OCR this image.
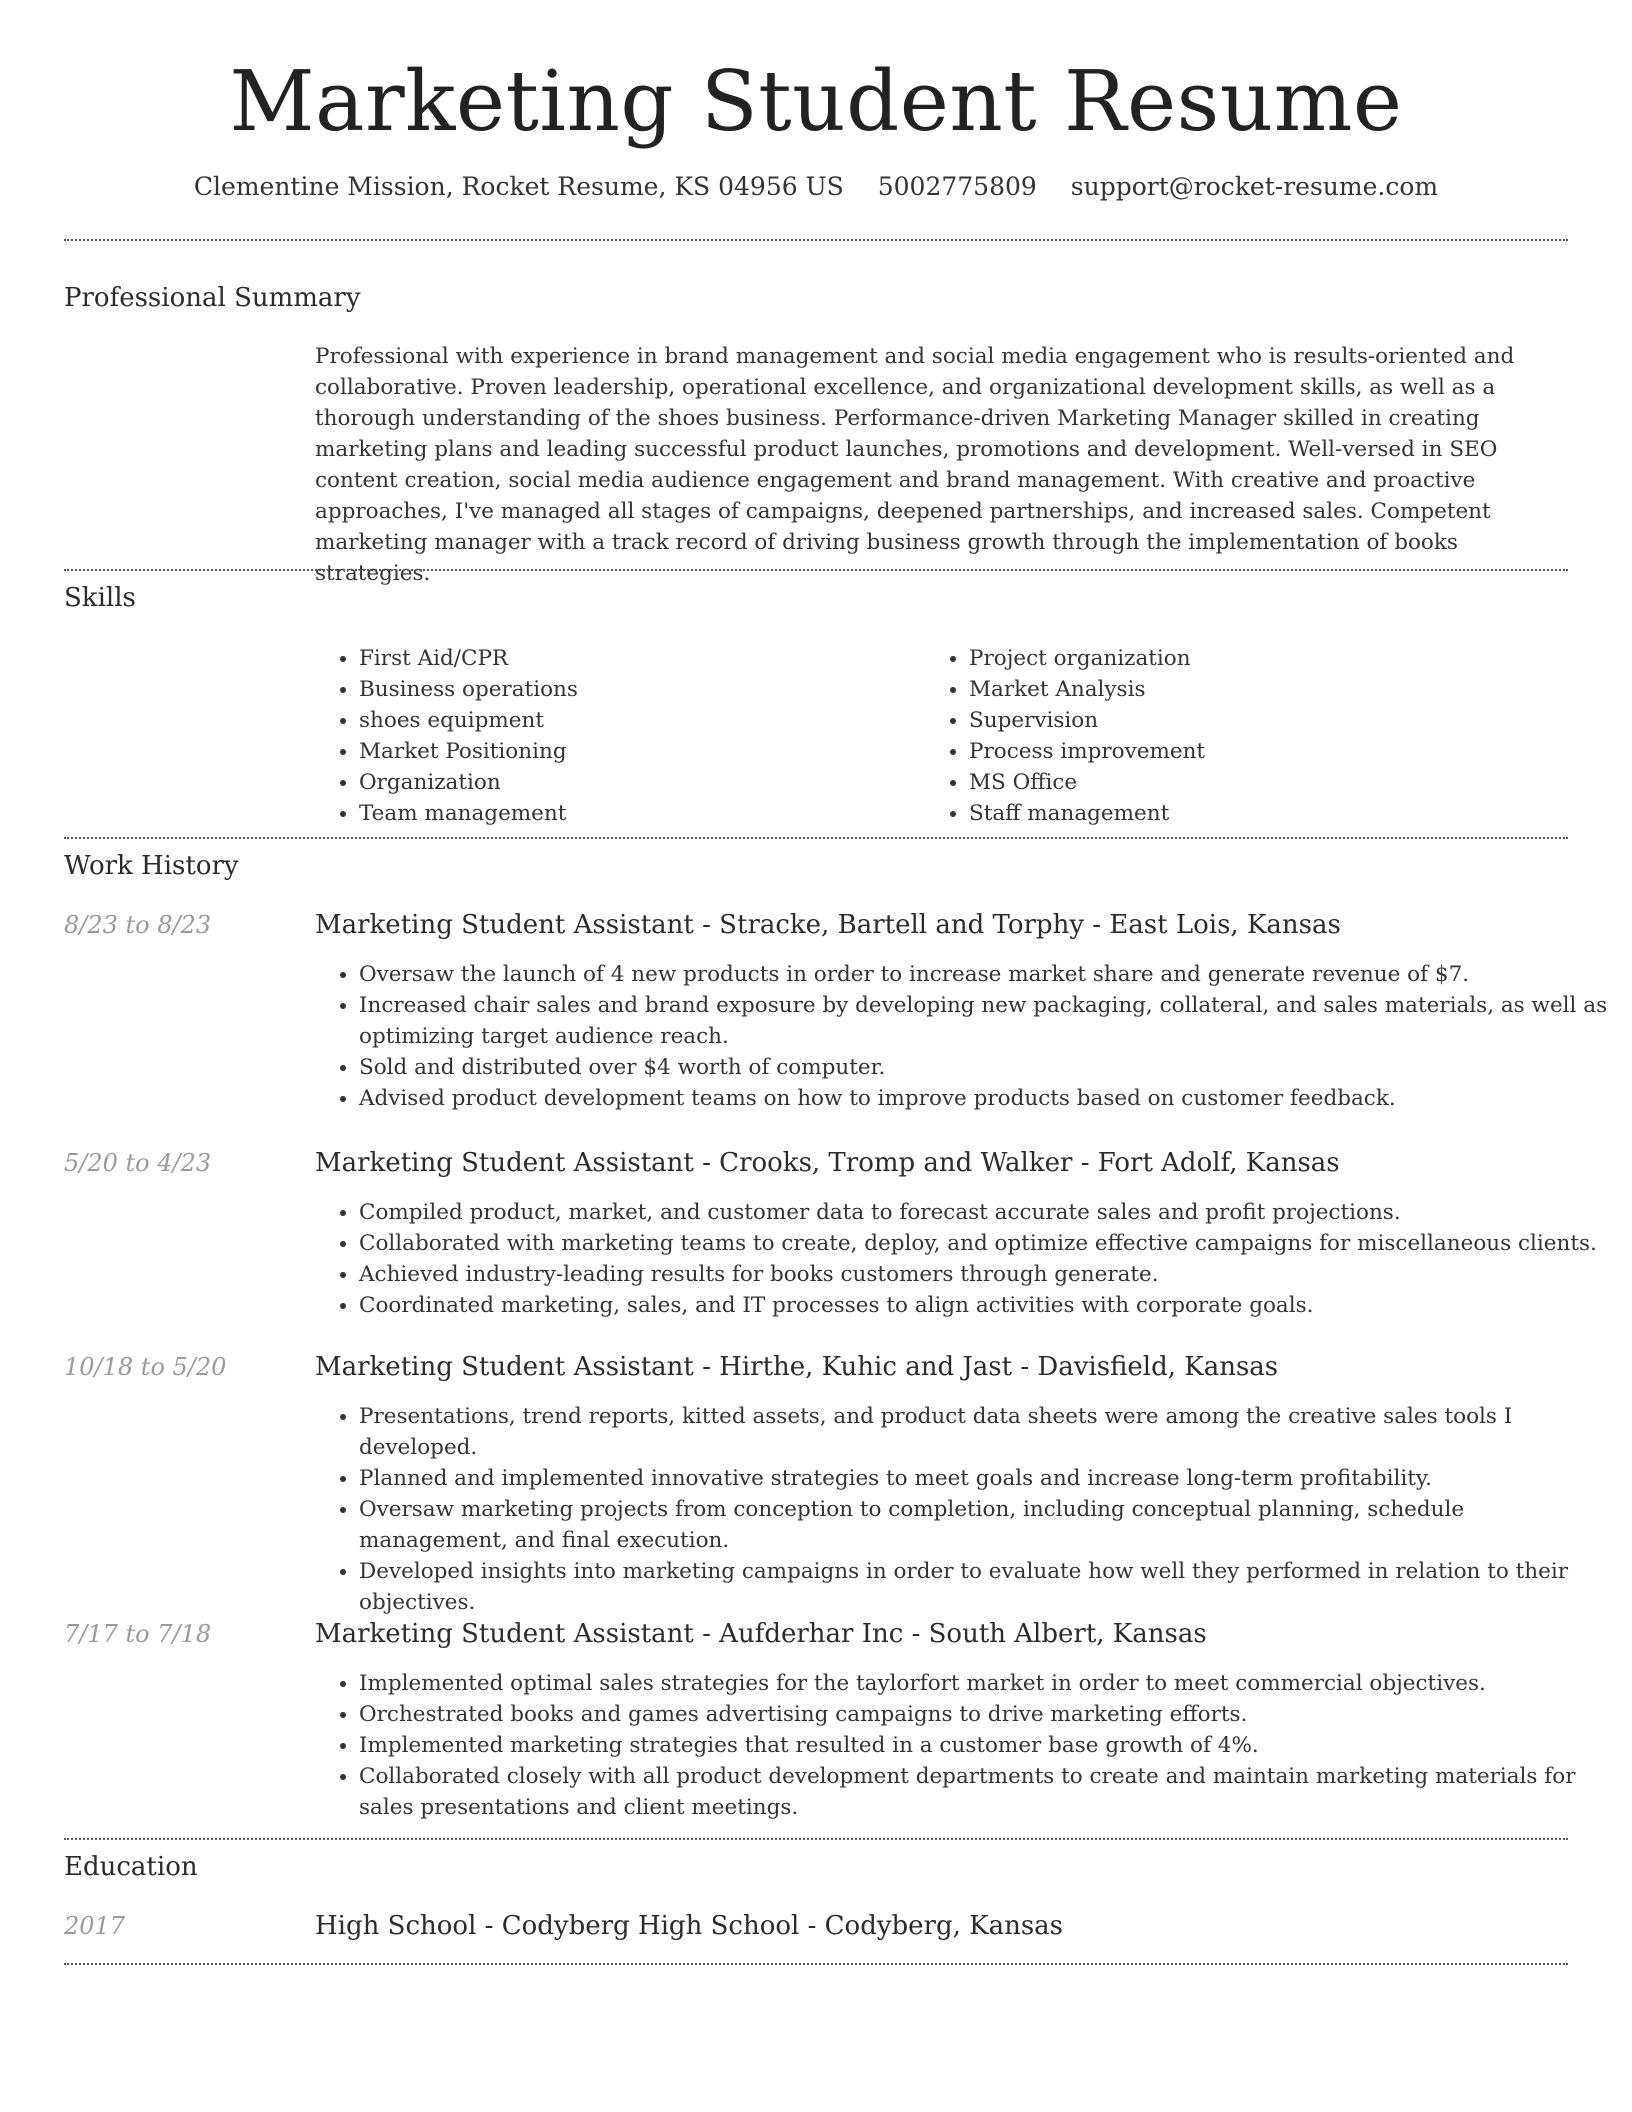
Marketing Student Resume
Clementine Mission, Rocket Resume, KS 04956 US 5002775809 support@rocket-resume.com
Professional Summary
Professional with experience in brand management and social media engagement who is results-oriented and collaborative. Proven leadership, operational excellence, and organizational development skills, as well as a thorough understanding of the shoes business. Performance-driven Marketing Manager skilled in creating marketing plans and leading successful product launches, promotions and development. Well-versed in SEO content creation, social media audience engagement and brand management. With creative and proactive approaches, I've managed all stages of campaigns, deepened partnerships, and increased sales. Competent marketing manager with a track record of driving business growth through the implementation of books strategies.
Skills
• First Aid/CPR
• Business operations
• shoes equipment
• Market Positioning
• Organization
• Team management
• Project organization
• Market Analysis
• Supervision
• Process improvement
• MS Office
• Staff management
Work History
8/23 to 8/23	Marketing Student Assistant - Stracke, Bartell and Torphy - East Lois, Kansas
• Oversaw the launch of 4 new products in order to increase market share and generate revenue of $7.
• Increased chair sales and brand exposure by developing new packaging, collateral, and sales materials, as well as optimizing target audience reach.
• Sold and distributed over $4 worth of computer.
• Advised product development teams on how to improve products based on customer feedback.
5/20 to 4/23	Marketing Student Assistant - Crooks, Tromp and Walker - Fort Adolf, Kansas
• Compiled product, market, and customer data to forecast accurate sales and profit projections.
• Collaborated with marketing teams to create, deploy, and optimize effective campaigns for miscellaneous clients.
• Achieved industry-leading results for books customers through generate.
• Coordinated marketing, sales, and IT processes to align activities with corporate goals.
10/18 to 5/20	Marketing Student Assistant - Hirthe, Kuhic and Jast - Davisfield, Kansas
• Presentations, trend reports, kitted assets, and product data sheets were among the creative sales tools I developed.
• Planned and implemented innovative strategies to meet goals and increase long-term profitability.
• Oversaw marketing projects from conception to completion, including conceptual planning, schedule management, and final execution.
• Developed insights into marketing campaigns in order to evaluate how well they performed in relation to their objectives.
7/17 to 7/18	Marketing Student Assistant - Aufderhar Inc - South Albert, Kansas
• Implemented optimal sales strategies for the taylorfort market in order to meet commercial objectives.
• Orchestrated books and games advertising campaigns to drive marketing efforts.
• Implemented marketing strategies that resulted in a customer base growth of 4%.
• Collaborated closely with all product development departments to create and maintain marketing materials for sales presentations and client meetings.
Education
2017	High School - Codyberg High School - Codyberg, Kansas
